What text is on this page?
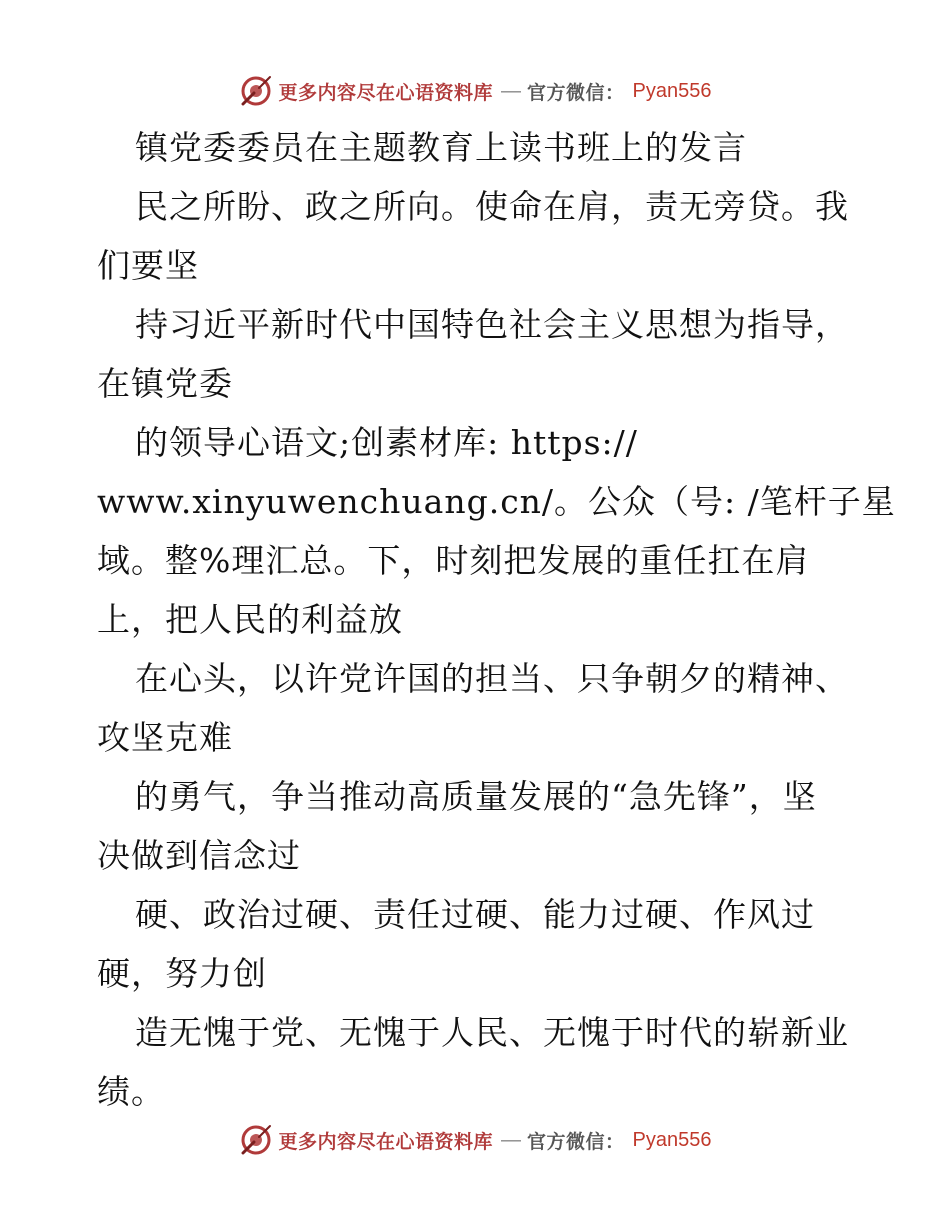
更多内容尽在心语资料库 — 官方微信： Pyan556
镇党委委员在主题教育上读书班上的发言
民之所盼、政之所向。使命在肩，责无旁贷。我
们要坚
持习近平新时代中国特色社会主义思想为指导，
在镇党委
的领导心语文;创素材库: https://
www.xinyuwenchuang.cn/。公众（号: /笔杆子星
域。整%理汇总。下，时刻把发展的重任扛在肩
上，把人民的利益放
在心头，以许党许国的担当、只争朝夕的精神、
攻坚克难
的勇气，争当推动高质量发展的“急先锋”，坚
决做到信念过
硬、政治过硬、责任过硬、能力过硬、作风过
硬，努力创
造无愧于党、无愧于人民、无愧于时代的崭新业
绩。
更多内容尽在心语资料库 — 官方微信： Pyan556
